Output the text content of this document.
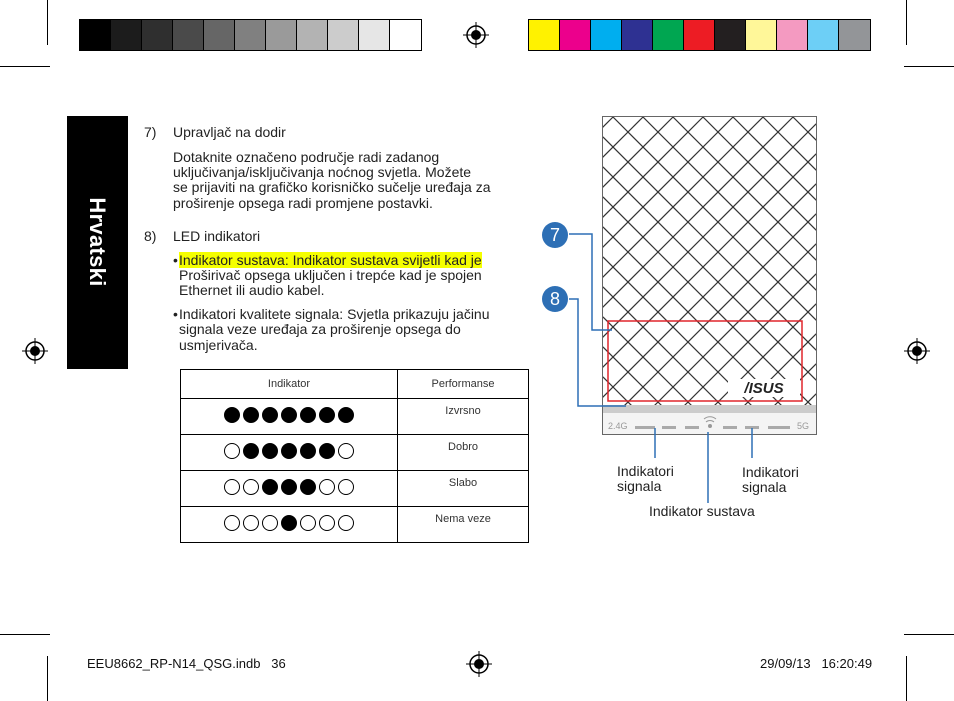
Hrvatski
7) Upravljač na dodir
Dotaknite označeno područje radi zadanog
uključivanja/isključivanja noćnog svjetla. Možete
se prijaviti na grafičko korisničko sučelje uređaja za
proširenje opsega radi promjene postavki.
8) LED indikatori
• Indikator sustava: Indikator sustava svijetli kad je
Proširivač opsega uključen i trepće kad je spojen
Ethernet ili audio kabel.
• Indikatori kvalitete signala: Svjetla prikazuju jačinu
signala veze uređaja za proširenje opsega do
usmjerivača.
Indikator	Performanse

	Izvrsno

	Dobro

	Slabo

	Nema veze
/ISUS
2.4G	5G
7
8
Indikatori
signala
Indikatori
signala
Indikator sustava
EEU8662_RP-N14_QSG.indb   36	29/09/13   16:20:49
